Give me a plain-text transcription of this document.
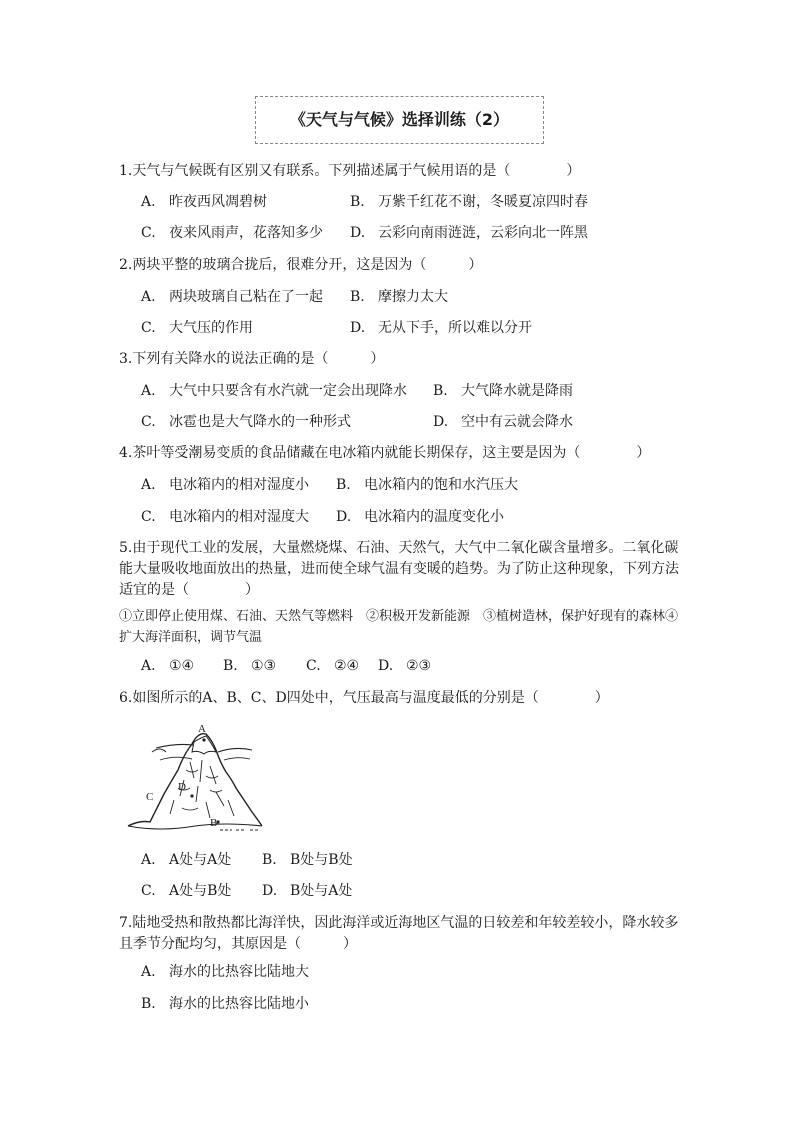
《天气与气候》选择训练（2）
1.天气与气候既有区别又有联系。下列描述属于气候用语的是（　　　　）
A. 昨夜西风凋碧树	B. 万紫千红花不谢，冬暖夏凉四时春
C. 夜来风雨声，花落知多少 D. 云彩向南雨涟涟，云彩向北一阵黑
2.两块平整的玻璃合拢后，很难分开，这是因为（　　　）
A. 两块玻璃自己粘在了一起 B. 摩擦力太大
C. 大气压的作用	D. 无从下手，所以难以分开
3.下列有关降水的说法正确的是（　　　）
A. 大气中只要含有水汽就一定会出现降水 B. 大气降水就是降雨
C. 冰雹也是大气降水的一种形式	D. 空中有云就会降水
4.茶叶等受潮易变质的食品储藏在电冰箱内就能长期保存，这主要是因为（　　　　）
A. 电冰箱内的相对湿度小 B. 电冰箱内的饱和水汽压大
C. 电冰箱内的相对湿度大 D. 电冰箱内的温度变化小
5.由于现代工业的发展，大量燃烧煤、石油、天然气，大气中二氧化碳含量增多。二氧化碳能大量吸收地面放出的热量，进而使全球气温有变暖的趋势。为了防止这种现象，下列方法适宜的是（　　　　）
①立即停止使用煤、石油、天然气等燃料　②积极开发新能源　③植树造林，保护好现有的森林④扩大海洋面积，调节气温
A. ①④ B. ①③ C. ②④ D. ②③
6.如图所示的A、B、C、D四处中，气压最高与温度最低的分别是（　　　　）
A
B
C
D
A. A处与A处 B. B处与B处
C. A处与B处 D. B处与A处
7.陆地受热和散热都比海洋快，因此海洋或近海地区气温的日较差和年较差较小，降水较多且季节分配均匀，其原因是（　　　）
A. 海水的比热容比陆地大
B. 海水的比热容比陆地小
